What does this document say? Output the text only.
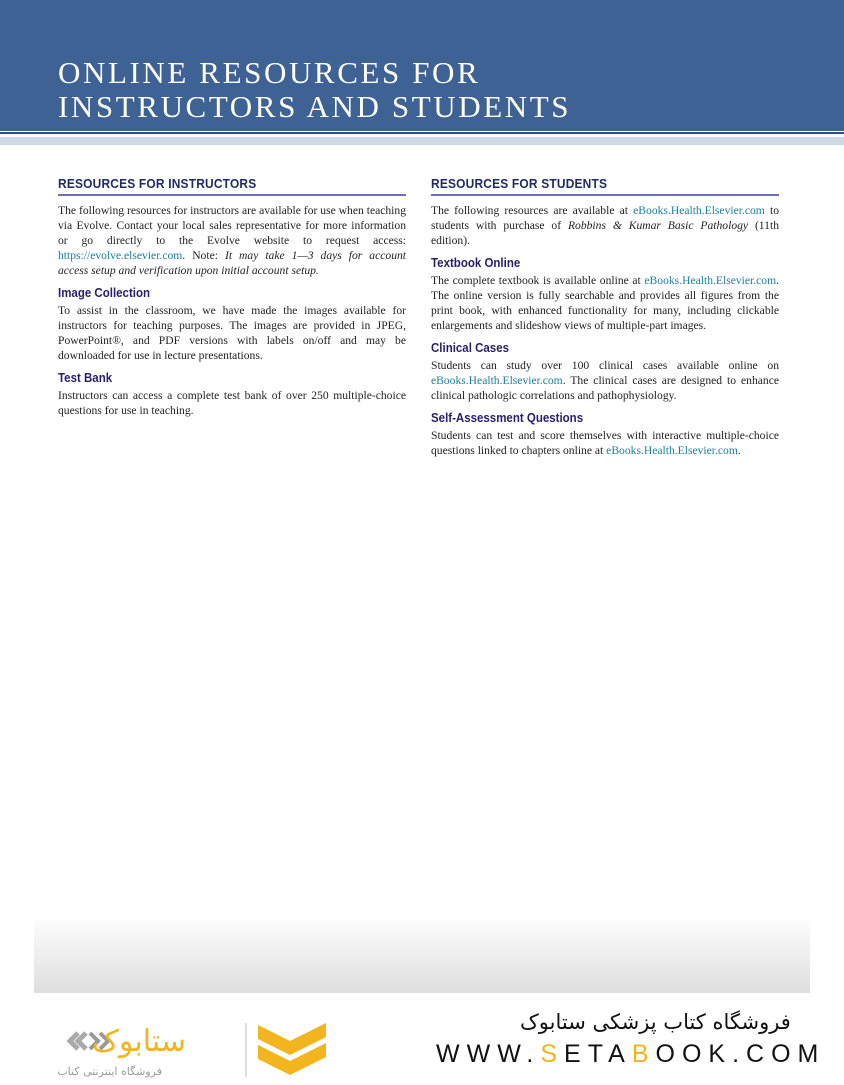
ONLINE RESOURCES FOR
INSTRUCTORS AND STUDENTS
RESOURCES FOR INSTRUCTORS

The following resources for instructors are available for use when teaching via Evolve. Contact your local sales representative for more information or go directly to the Evolve website to request access: https://evolve.elsevier.com. Note: It may take 1—3 days for account access setup and verification upon initial account setup.

Image Collection

To assist in the classroom, we have made the images available for instructors for teaching purposes. The images are provided in JPEG, PowerPoint®, and PDF versions with labels on/off and may be downloaded for use in lecture presentations.

Test Bank

Instructors can access a complete test bank of over 250 multiple-choice questions for use in teaching.

RESOURCES FOR STUDENTS

The following resources are available at eBooks.Health.Elsevier.com to students with purchase of Robbins & Kumar Basic Pathology (11th edition).

Textbook Online

The complete textbook is available online at eBooks.Health.Elsevier.com. The online version is fully searchable and provides all figures from the print book, with enhanced functionality for many, including clickable enlargements and slideshow views of multiple-part images.

Clinical Cases

Students can study over 100 clinical cases available online on eBooks.Health.Elsevier.com. The clinical cases are designed to enhance clinical pathologic correlations and pathophysiology.

Self-Assessment Questions

Students can test and score themselves with interactive multiple-choice questions linked to chapters online at eBooks.Health.Elsevier.com.

ستابوک
فروشگاه اینترنتی کتاب
فروشگاه کتاب پزشکی ستابوک
WWW.SETABOOK.COM
